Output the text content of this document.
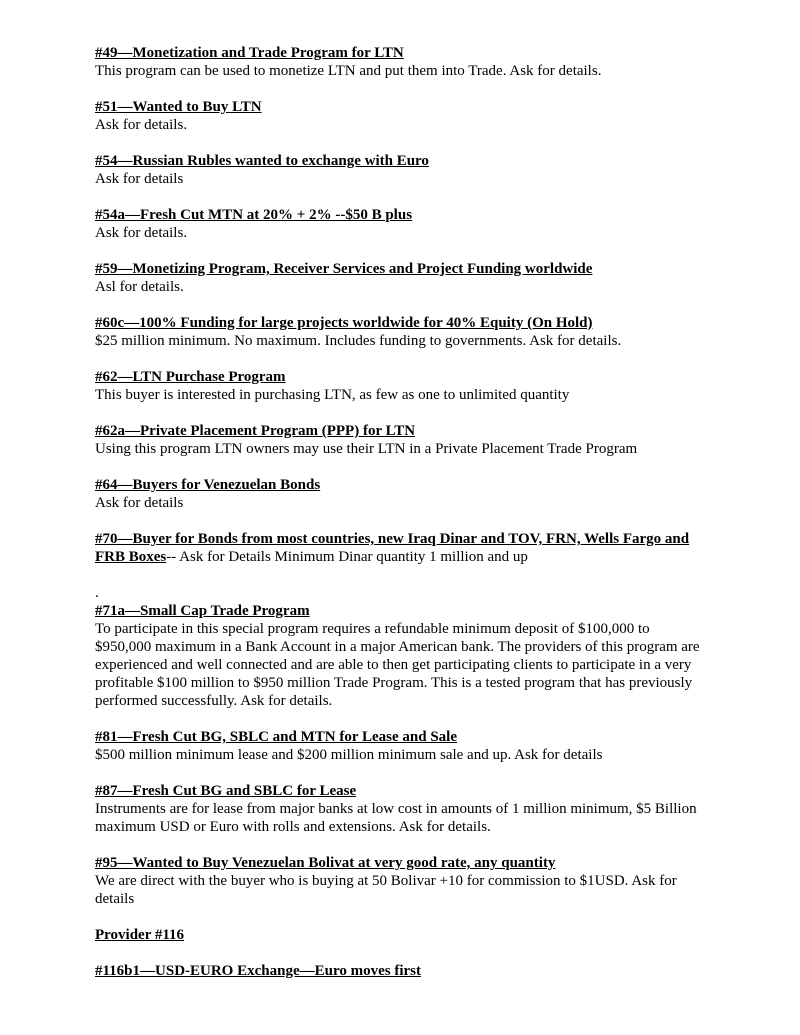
#49—Monetization and Trade Program for LTN
This program can be used to monetize LTN and put them into Trade. Ask for details.
#51—Wanted to Buy LTN
Ask for details.
#54—Russian Rubles wanted to exchange with Euro
Ask for details
#54a—Fresh Cut MTN at 20% + 2% --$50 B plus
Ask for details.
#59—Monetizing Program, Receiver Services and Project Funding worldwide
Asl for details.
#60c—100% Funding for large projects worldwide for 40% Equity (On Hold)
$25 million minimum. No maximum. Includes funding to governments. Ask for details.
#62—LTN Purchase Program
This buyer is interested in purchasing LTN, as few as one to unlimited quantity
#62a—Private Placement Program (PPP) for LTN
Using this program LTN owners may use their LTN in a Private Placement Trade Program
#64—Buyers for Venezuelan Bonds
Ask for details
#70—Buyer for Bonds from most countries, new Iraq Dinar and TOV, FRN, Wells Fargo and FRB Boxes-- Ask for Details Minimum Dinar quantity 1 million and up
.
#71a—Small Cap Trade Program
To participate in this special program requires a refundable minimum deposit of $100,000 to $950,000 maximum in a Bank Account in a major American bank. The providers of this program are experienced and well connected and are able to then get participating clients to participate in a very profitable $100 million to $950 million Trade Program. This is a tested program that has previously performed successfully. Ask for details.
#81—Fresh Cut BG, SBLC and MTN for Lease and Sale
$500 million minimum lease and $200 million minimum sale and up. Ask for details
#87—Fresh Cut BG and SBLC for Lease
Instruments are for lease from major banks at low cost in amounts of 1 million minimum, $5 Billion maximum USD or Euro with rolls and extensions. Ask for details.
#95—Wanted to Buy Venezuelan Bolivat at very good rate, any quantity
We are direct with the buyer who is buying at 50 Bolivar +10 for commission to $1USD. Ask for details
Provider #116
#116b1—USD-EURO Exchange—Euro moves first
